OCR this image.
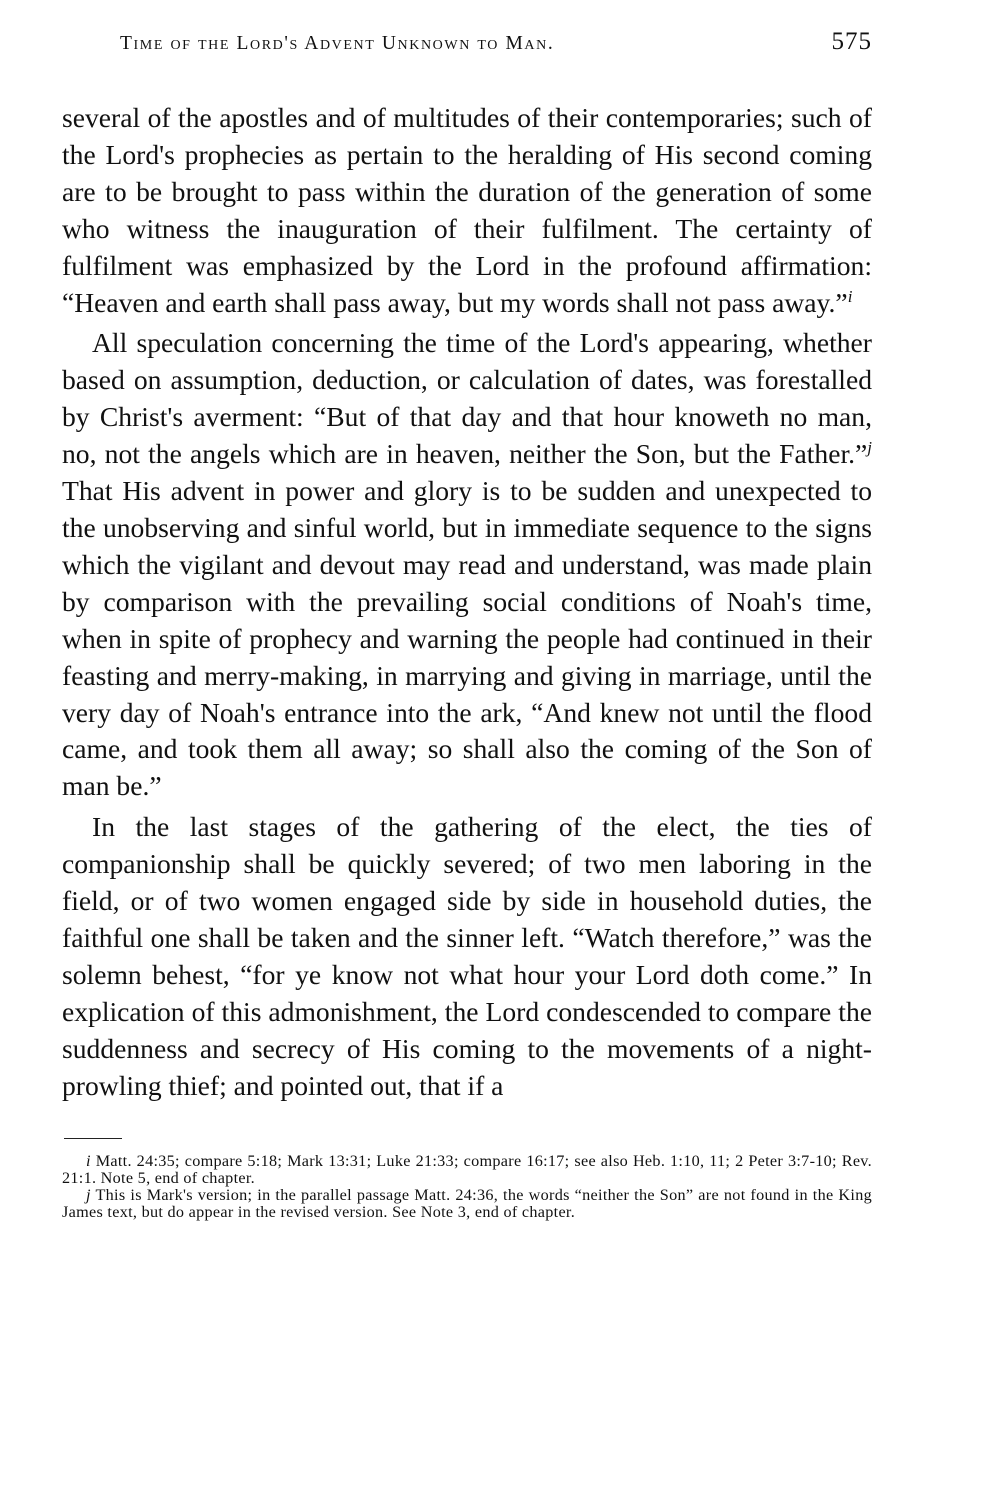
Time of the Lord's Advent Unknown to Man.	575

several of the apostles and of multitudes of their contemporaries; such of the Lord's prophecies as pertain to the heralding of His second coming are to be brought to pass within the duration of the generation of some who witness the inauguration of their fulfilment. The certainty of fulfilment was emphasized by the Lord in the profound affirmation: “Heaven and earth shall pass away, but my words shall not pass away.”$^i$

All speculation concerning the time of the Lord's appearing, whether based on assumption, deduction, or calculation of dates, was forestalled by Christ's averment: “But of that day and that hour knoweth no man, no, not the angels which are in heaven, neither the Son, but the Father.”$^j$ That His advent in power and glory is to be sudden and unexpected to the unobserving and sinful world, but in immediate sequence to the signs which the vigilant and devout may read and understand, was made plain by comparison with the prevailing social conditions of Noah's time, when in spite of prophecy and warning the people had continued in their feasting and merry-making, in marrying and giving in marriage, until the very day of Noah's entrance into the ark, “And knew not until the flood came, and took them all away; so shall also the coming of the Son of man be.”

In the last stages of the gathering of the elect, the ties of companionship shall be quickly severed; of two men laboring in the field, or of two women engaged side by side in household duties, the faithful one shall be taken and the sinner left. “Watch therefore,” was the solemn behest, “for ye know not what hour your Lord doth come.” In explication of this admonishment, the Lord condescended to compare the suddenness and secrecy of His coming to the movements of a night-prowling thief; and pointed out, that if a

i Matt. 24:35; compare 5:18; Mark 13:31; Luke 21:33; compare 16:17; see also Heb. 1:10, 11; 2 Peter 3:7-10; Rev. 21:1. Note 5, end of chapter.

j This is Mark's version; in the parallel passage Matt. 24:36, the words “neither the Son” are not found in the King James text, but do appear in the revised version. See Note 3, end of chapter.
